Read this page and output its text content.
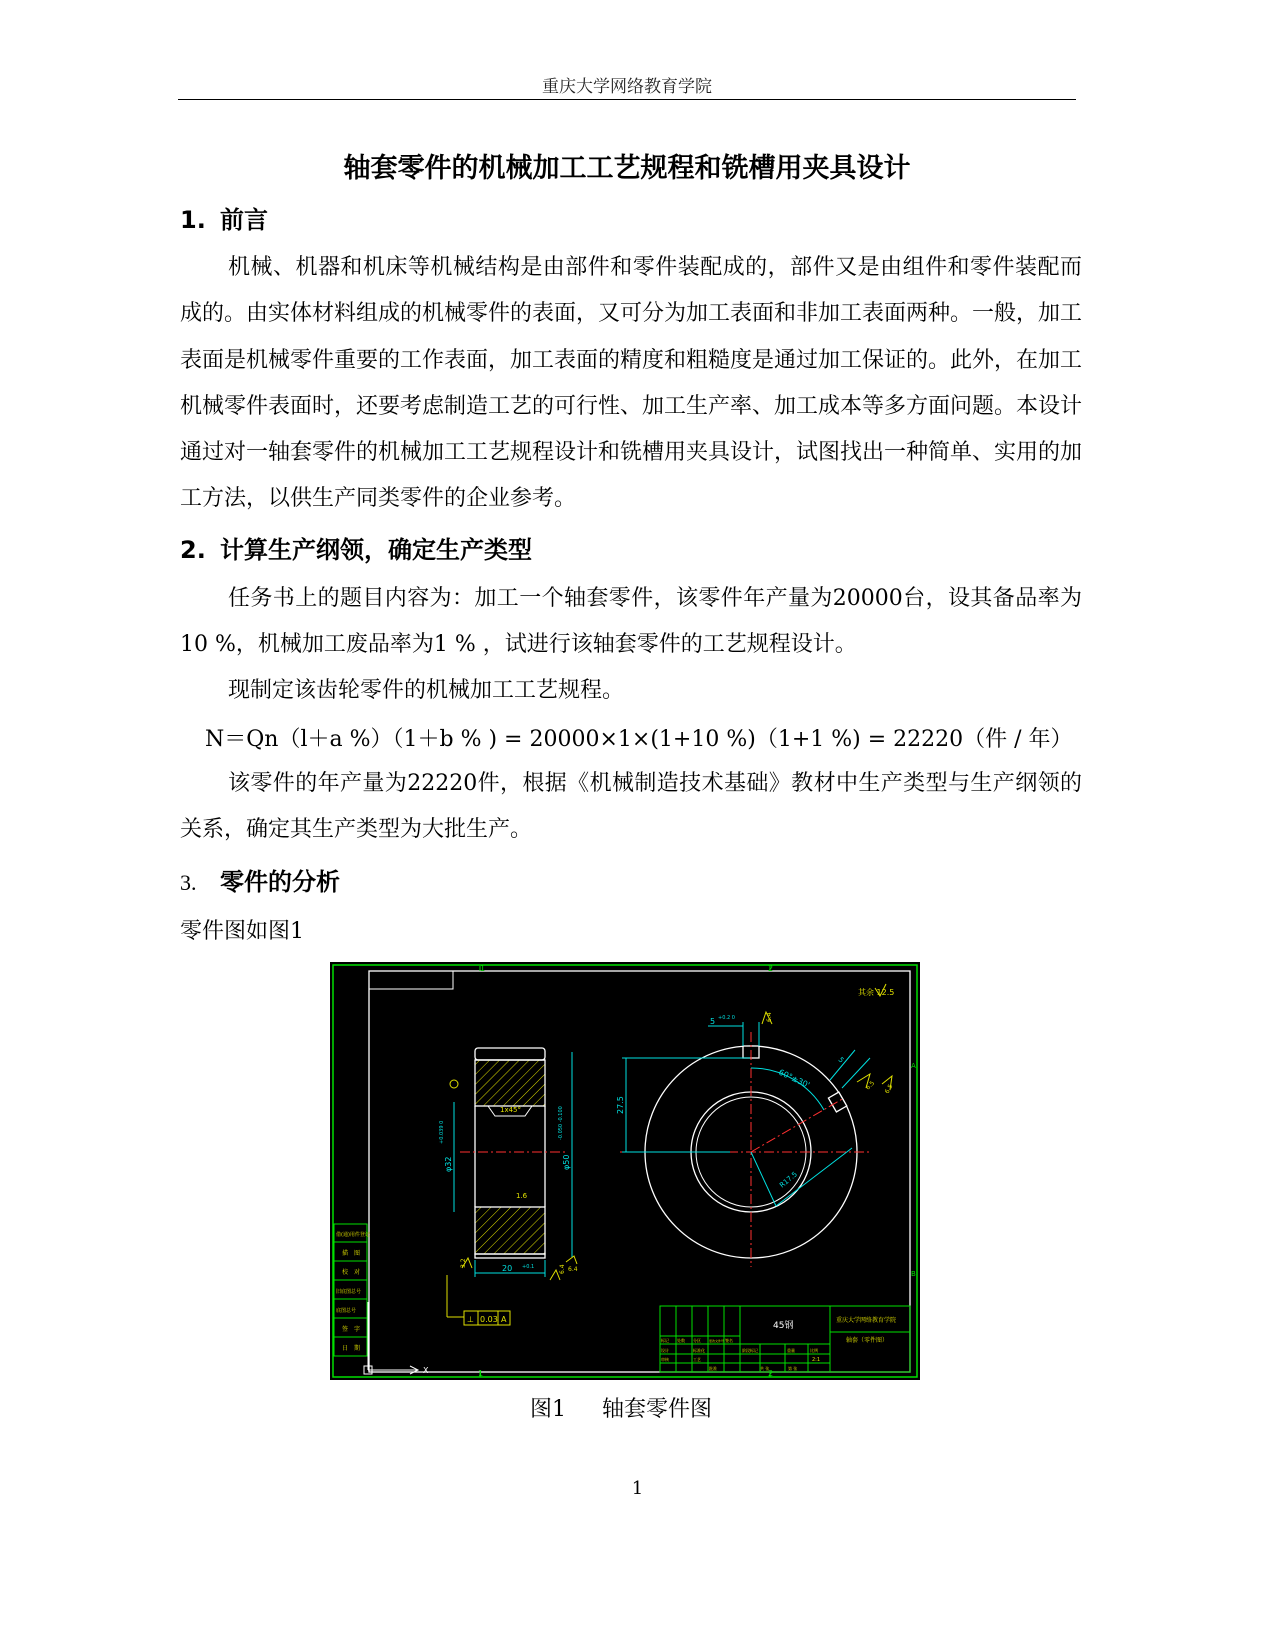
重庆大学网络教育学院
轴套零件的机械加工工艺规程和铣槽用夹具设计
1. 前言
机械、机器和机床等机械结构是由部件和零件装配成的，部件又是由组件和零件装配而成的。由实体材料组成的机械零件的表面，又可分为加工表面和非加工表面两种。一般，加工表面是机械零件重要的工作表面，加工表面的精度和粗糙度是通过加工保证的。此外，在加工机械零件表面时，还要考虑制造工艺的可行性、加工生产率、加工成本等多方面问题。本设计通过对一轴套零件的机械加工工艺规程设计和铣槽用夹具设计，试图找出一种简单、实用的加工方法，以供生产同类零件的企业参考。
2. 计算生产纲领，确定生产类型
任务书上的题目内容为：加工一个轴套零件，该零件年产量为20000台，设其备品率为10 %，机械加工废品率为1 % ，试进行该轴套零件的工艺规程设计。
现制定该齿轮零件的机械加工工艺规程。
N＝Qn（l＋a %）（1＋b % ) = 20000×1×(1+10 %)（1+1 %) = 22220（件 / 年）
该零件的年产量为22220件，根据《机械制造技术基础》教材中生产类型与生产纲领的关系，确定其生产类型为大批生产。
3. 零件的分析
零件图如图1
1	2
1	2
A
B
其余 12.5
1x45°
φ32
+0.039 0
φ50
-0.050 -0.100
1.6
20 +0.1
3.2
6.4 6.4
0.03 A
⊥
27.5
60°±30'
R17.5
5 +0.2 0	6.4
5
6.5 6.5
借(通)用件登记
描　图
校　对
旧底图总号
底图总号
签　字
日　期
X
45钢
重庆大学网络教育学院
轴套（零件图）
2:1
标记 处数 分区	更改文件号 签名
设计	标准化	阶段标记	重量	比例
审核	工艺
批准	共 张	第 张
图1 轴套零件图
1
